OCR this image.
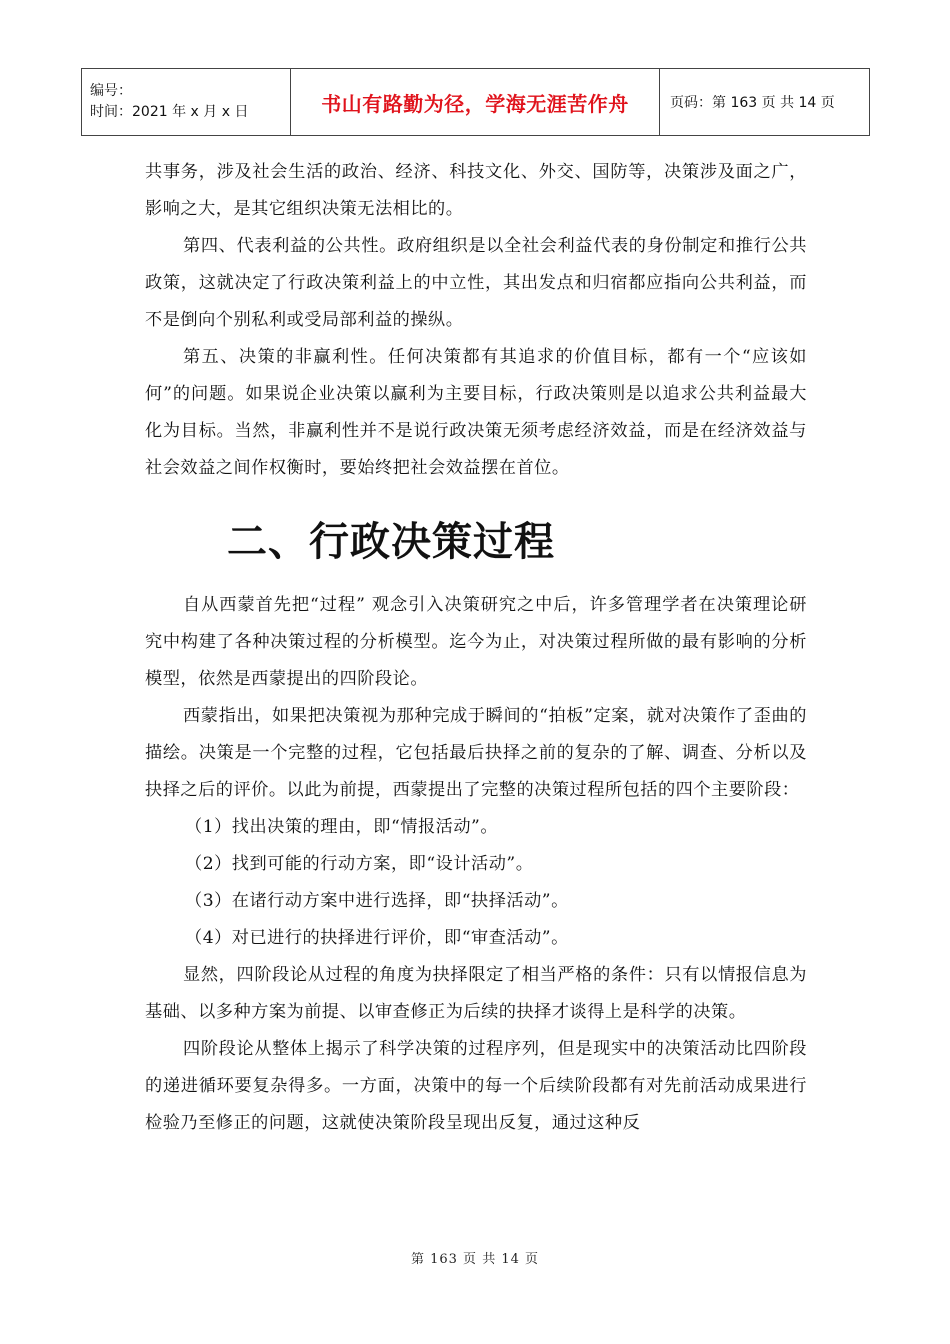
编号：
时间：2021 年 x 月 x 日	书山有路勤为径，学海无涯苦作舟	页码：第 163 页 共 14 页

共事务，涉及社会生活的政治、经济、科技文化、外交、国防等，决策涉及面之广，影响之大，是其它组织决策无法相比的。

第四、代表利益的公共性。政府组织是以全社会利益代表的身份制定和推行公共政策，这就决定了行政决策利益上的中立性，其出发点和归宿都应指向公共利益，而不是倒向个别私利或受局部利益的操纵。

第五、决策的非赢利性。任何决策都有其追求的价值目标，都有一个“应该如何”的问题。如果说企业决策以赢利为主要目标，行政决策则是以追求公共利益最大化为目标。当然，非赢利性并不是说行政决策无须考虑经济效益，而是在经济效益与社会效益之间作权衡时，要始终把社会效益摆在首位。

二、行政决策过程

自从西蒙首先把“过程” 观念引入决策研究之中后，许多管理学者在决策理论研究中构建了各种决策过程的分析模型。迄今为止，对决策过程所做的最有影响的分析模型，依然是西蒙提出的四阶段论。

西蒙指出，如果把决策视为那种完成于瞬间的“拍板”定案，就对决策作了歪曲的描绘。决策是一个完整的过程，它包括最后抉择之前的复杂的了解、调查、分析以及抉择之后的评价。以此为前提，西蒙提出了完整的决策过程所包括的四个主要阶段：

（1）找出决策的理由，即“情报活动”。

（2）找到可能的行动方案，即“设计活动”。

（3）在诸行动方案中进行选择，即“抉择活动”。

（4）对已进行的抉择进行评价，即“审查活动”。

显然，四阶段论从过程的角度为抉择限定了相当严格的条件：只有以情报信息为基础、以多种方案为前提、以审查修正为后续的抉择才谈得上是科学的决策。

四阶段论从整体上揭示了科学决策的过程序列，但是现实中的决策活动比四阶段的递进循环要复杂得多。一方面，决策中的每一个后续阶段都有对先前活动成果进行检验乃至修正的问题，这就使决策阶段呈现出反复，通过这种反

第 163 页 共 14 页
